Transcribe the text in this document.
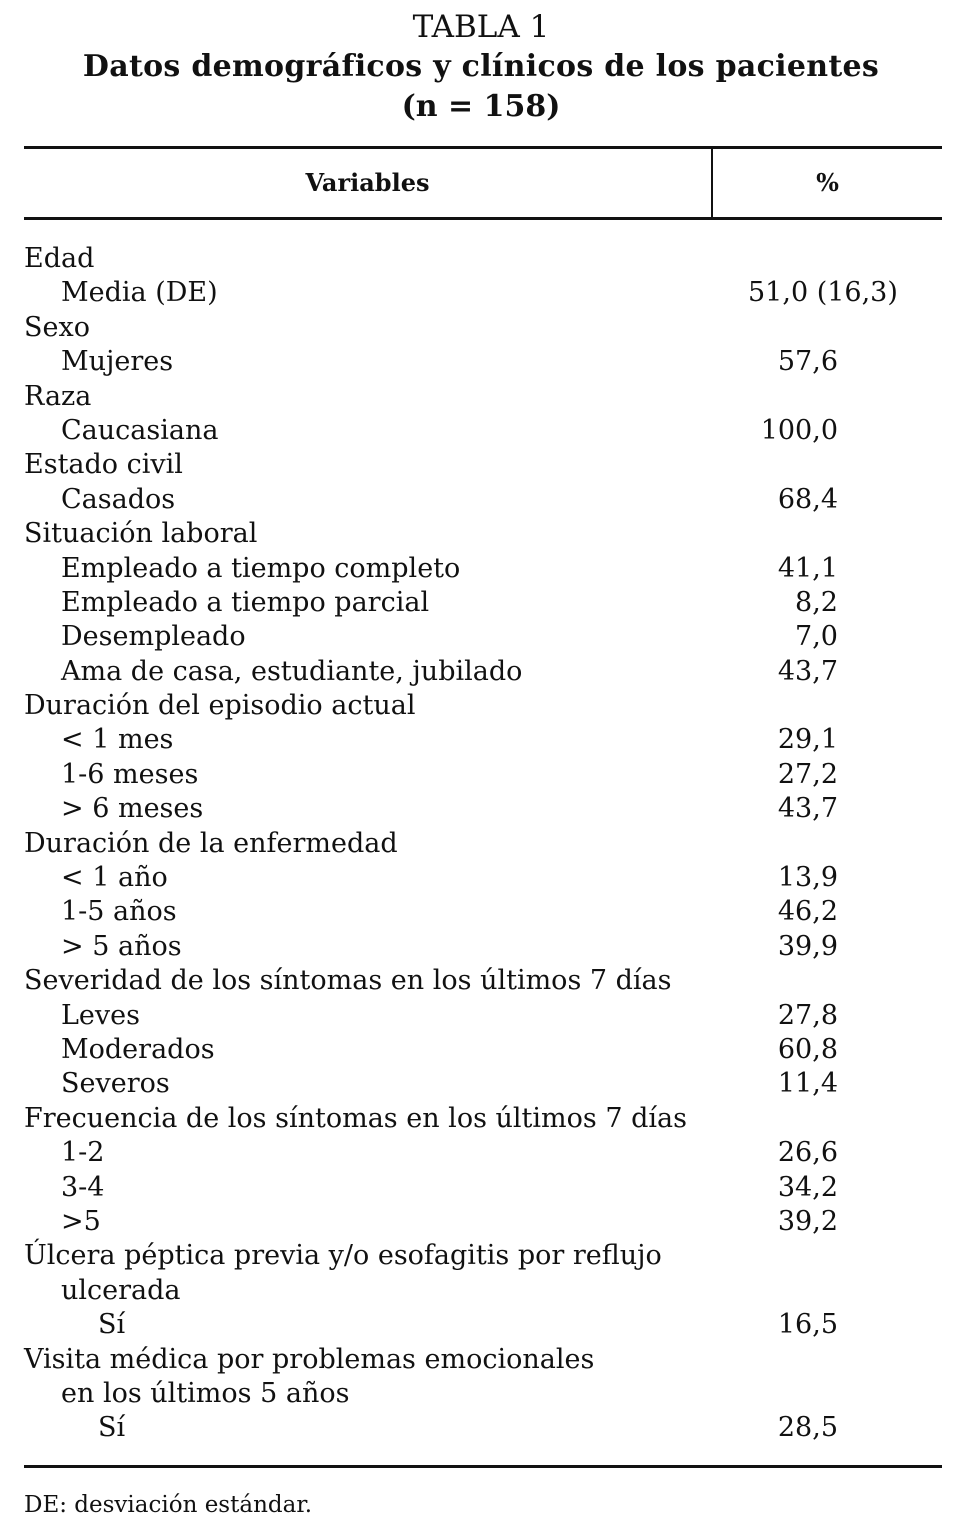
TABLA 1
Datos demográficos y clínicos de los pacientes
(n = 158)
Variables	%
Edad
Media (DE)	51,0 (16,3)
Sexo
Mujeres	57,6
Raza
Caucasiana	100,0
Estado civil
Casados	68,4
Situación laboral
Empleado a tiempo completo	41,1
Empleado a tiempo parcial	8,2
Desempleado	7,0
Ama de casa, estudiante, jubilado	43,7
Duración del episodio actual
< 1 mes	29,1
1-6 meses	27,2
> 6 meses	43,7
Duración de la enfermedad
< 1 año	13,9
1-5 años	46,2
> 5 años	39,9
Severidad de los síntomas en los últimos 7 días
Leves	27,8
Moderados	60,8
Severos	11,4
Frecuencia de los síntomas en los últimos 7 días
1-2	26,6
3-4	34,2
>5	39,2
Úlcera péptica previa y/o esofagitis por reflujo
ulcerada
Sí	16,5
Visita médica por problemas emocionales
en los últimos 5 años
Sí	28,5
DE: desviación estándar.
